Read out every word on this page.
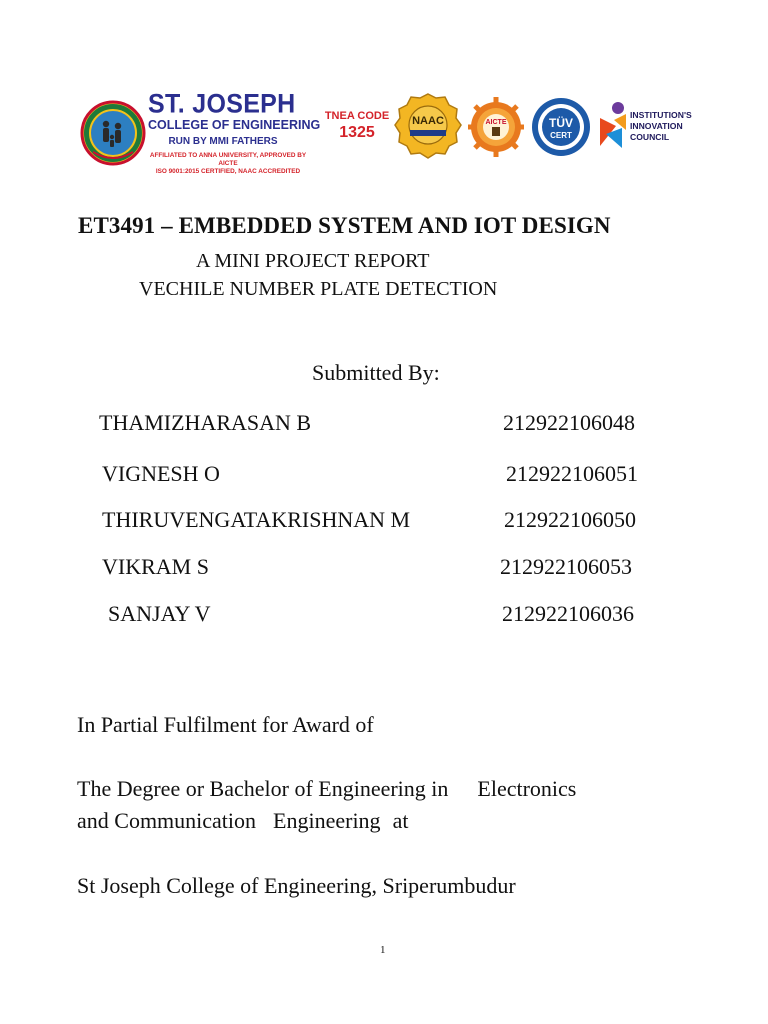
ST. JOSEPH
COLLEGE OF ENGINEERING
RUN BY MMI FATHERS
AFFILIATED TO ANNA UNIVERSITY, APPROVED BY AICTE
ISO 9001:2015 CERTIFIED, NAAC ACCREDITED
TNEA CODE
1325
NAAC	AICTE	TÜV
CERT
INSTITUTION'S
INNOVATION
COUNCIL
ET3491 – EMBEDDED SYSTEM AND IOT DESIGN
A MINI PROJECT REPORT
VECHILE NUMBER PLATE DETECTION
Submitted By:
THAMIZHARASAN B	212922106048
VIGNESH O	212922106051
THIRUVENGATAKRISHNAN M	212922106050
VIKRAM S	212922106053
SANJAY V	212922106036
In Partial Fulfilment for Award of
The Degree or Bachelor of Engineering in Electronics
and Communication Engineering at
St Joseph College of Engineering, Sriperumbudur
1
